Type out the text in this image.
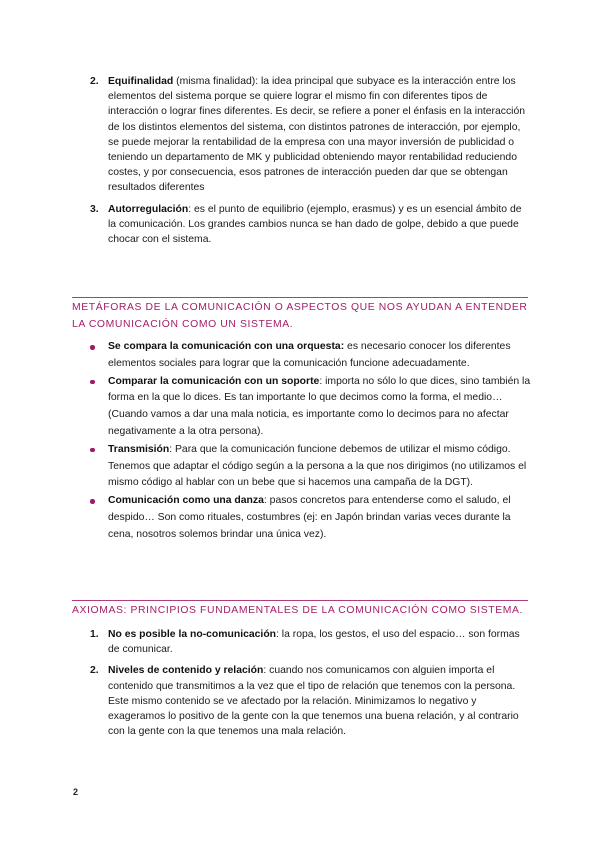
2. Equifinalidad (misma finalidad): la idea principal que subyace es la interacción entre los elementos del sistema porque se quiere lograr el mismo fin con diferentes tipos de interacción o lograr fines diferentes. Es decir, se refiere a poner el énfasis en la interacción de los distintos elementos del sistema, con distintos patrones de interacción, por ejemplo, se puede mejorar la rentabilidad de la empresa con una mayor inversión de publicidad o teniendo un departamento de MK y publicidad obteniendo mayor rentabilidad reduciendo costes, y por consecuencia, esos patrones de interacción pueden dar que se obtengan resultados diferentes
3. Autorregulación: es el punto de equilibrio (ejemplo, erasmus) y es un esencial ámbito de la comunicación. Los grandes cambios nunca se han dado de golpe, debido a que puede chocar con el sistema.
METÁFORAS DE LA COMUNICACIÓN O ASPECTOS QUE NOS AYUDAN A ENTENDER LA COMUNICACIÓN COMO UN SISTEMA.
Se compara la comunicación con una orquesta: es necesario conocer los diferentes elementos sociales para lograr que la comunicación funcione adecuadamente.
Comparar la comunicación con un soporte: importa no sólo lo que dices, sino también la forma en la que lo dices. Es tan importante lo que decimos como la forma, el medio… (Cuando vamos a dar una mala noticia, es importante como lo decimos para no afectar negativamente a la otra persona).
Transmisión: Para que la comunicación funcione debemos de utilizar el mismo código. Tenemos que adaptar el código según a la persona a la que nos dirigimos (no utilizamos el mismo código al hablar con un bebe que si hacemos una campaña de la DGT).
Comunicación como una danza: pasos concretos para entenderse como el saludo, el despido… Son como rituales, costumbres (ej: en Japón brindan varias veces durante la cena, nosotros solemos brindar una única vez).
AXIOMAS: PRINCIPIOS FUNDAMENTALES DE LA COMUNICACIÓN COMO SISTEMA.
1. No es posible la no-comunicación: la ropa, los gestos, el uso del espacio… son formas de comunicar.
2. Niveles de contenido y relación: cuando nos comunicamos con alguien importa el contenido que transmitimos a la vez que el tipo de relación que tenemos con la persona. Este mismo contenido se ve afectado por la relación. Minimizamos lo negativo y exageramos lo positivo de la gente con la que tenemos una buena relación, y al contrario con la gente con la que tenemos una mala relación.
2
